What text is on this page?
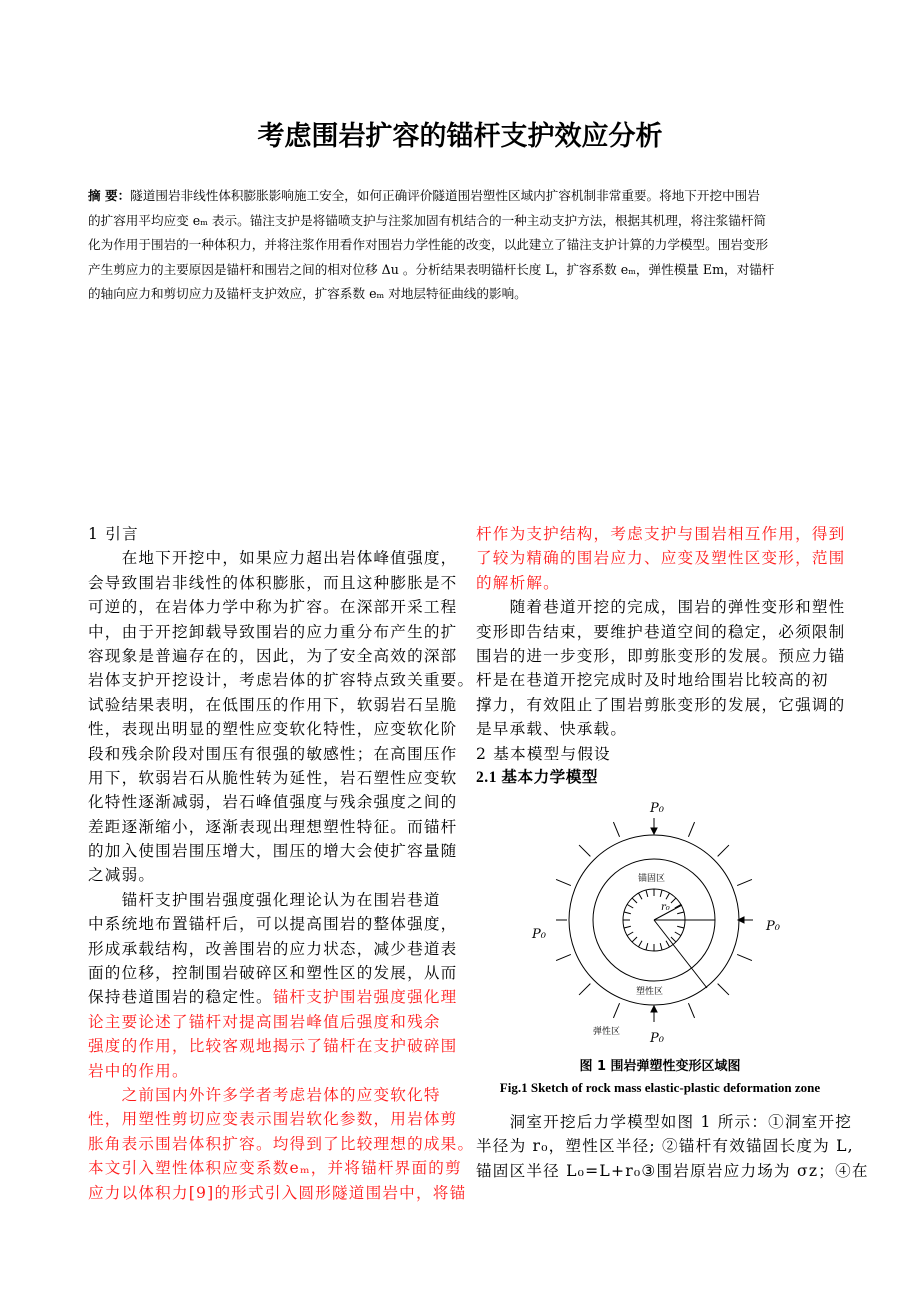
考虑围岩扩容的锚杆支护效应分析
摘 要：隧道围岩非线性体积膨胀影响施工安全，如何正确评价隧道围岩塑性区域内扩容机制非常重要。将地下开挖中围岩
的扩容用平均应变 eₘ 表示。锚注支护是将锚喷支护与注浆加固有机结合的一种主动支护方法，根据其机理，将注浆锚杆简
化为作用于围岩的一种体积力，并将注浆作用看作对围岩力学性能的改变，以此建立了锚注支护计算的力学模型。围岩变形
产生剪应力的主要原因是锚杆和围岩之间的相对位移 Δu 。分析结果表明锚杆长度 L，扩容系数 eₘ，弹性模量 Em，对锚杆
的轴向应力和剪切应力及锚杆支护效应，扩容系数 eₘ 对地层特征曲线的影响。
1 引言
　　在地下开挖中，如果应力超出岩体峰值强度，
会导致围岩非线性的体积膨胀，而且这种膨胀是不
可逆的，在岩体力学中称为扩容。在深部开采工程
中，由于开挖卸载导致围岩的应力重分布产生的扩
容现象是普遍存在的，因此，为了安全高效的深部
岩体支护开挖设计，考虑岩体的扩容特点致关重要。
试验结果表明，在低围压的作用下，软弱岩石呈脆
性，表现出明显的塑性应变软化特性，应变软化阶
段和残余阶段对围压有很强的敏感性；在高围压作
用下，软弱岩石从脆性转为延性，岩石塑性应变软
化特性逐渐减弱，岩石峰值强度与残余强度之间的
差距逐渐缩小，逐渐表现出理想塑性特征。而锚杆
的加入使围岩围压增大，围压的增大会使扩容量随
之减弱。
　　锚杆支护围岩强度强化理论认为在围岩巷道
中系统地布置锚杆后，可以提高围岩的整体强度，
形成承载结构，改善围岩的应力状态，减少巷道表
面的位移，控制围岩破碎区和塑性区的发展，从而
保持巷道围岩的稳定性。锚杆支护围岩强度强化理
论主要论述了锚杆对提高围岩峰值后强度和残余
强度的作用，比较客观地揭示了锚杆在支护破碎围
岩中的作用。
　　之前国内外许多学者考虑岩体的应变软化特
性，用塑性剪切应变表示围岩软化参数，用岩体剪
胀角表示围岩体积扩容。均得到了比较理想的成果。
本文引入塑性体积应变系数eₘ，并将锚杆界面的剪
应力以体积力[9]的形式引入圆形隧道围岩中，将锚
杆作为支护结构，考虑支护与围岩相互作用，得到
了较为精确的围岩应力、应变及塑性区变形，范围
的解析解。
　　随着巷道开挖的完成，围岩的弹性变形和塑性
变形即告结束，要维护巷道空间的稳定，必须限制
围岩的进一步变形，即剪胀变形的发展。预应力锚
杆是在巷道开挖完成时及时地给围岩比较高的初
撑力，有效阻止了围岩剪胀变形的发展，它强调的
是早承载、快承载。
2 基本模型与假设
2.1 基本力学模型
P₀
P₀
P₀
P₀
r₀
锚固区
塑性区
弹性区
图 1 围岩弹塑性变形区域图
Fig.1 Sketch of rock mass elastic-plastic deformation zone
　　洞室开挖后力学模型如图 1 所示：①洞室开挖
半径为 r₀，塑性区半径; ②锚杆有效锚固长度为 L,
锚固区半径 L₀=L+r₀③围岩原岩应力场为 σz；④在
